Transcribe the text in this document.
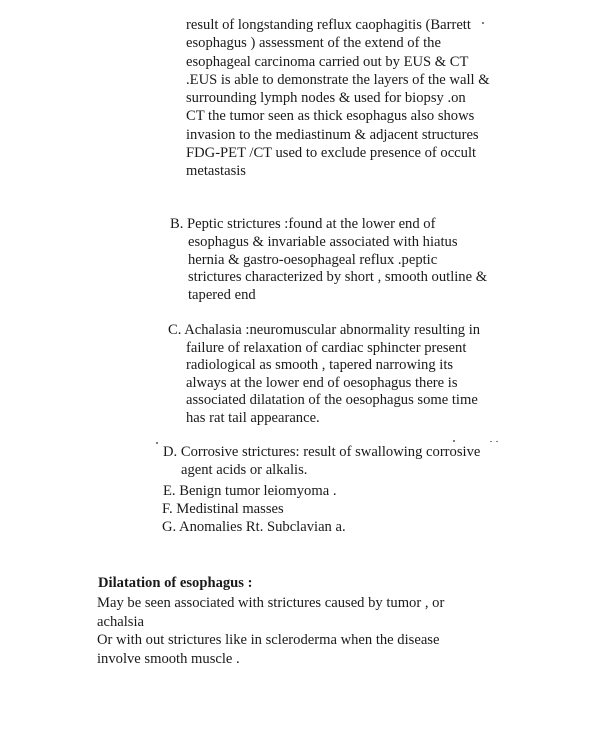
result of longstanding reflux caophagitis (Barrett
esophagus ) assessment of the extend of the
esophageal carcinoma carried out by EUS & CT
.EUS is able to demonstrate the layers of the wall &
surrounding lymph nodes & used for biopsy .on
CT the tumor seen as thick esophagus also shows
invasion to the mediastinum & adjacent structures
FDG-PET /CT used to exclude presence of occult
metastasis
B. Peptic strictures :found at the lower end of
esophagus & invariable associated with hiatus
hernia & gastro-oesophageal reflux .peptic
strictures characterized by short , smooth outline &
tapered end
C. Achalasia :neuromuscular abnormality resulting in
failure of relaxation of cardiac sphincter present
radiological as smooth , tapered narrowing its
always at the lower end of oesophagus there is
associated dilatation of the oesophagus some time
has rat tail appearance.
D. Corrosive strictures: result of swallowing corrosive
agent acids or alkalis.
E. Benign tumor leiomyoma .
F. Medistinal masses
G. Anomalies Rt. Subclavian a.
Dilatation of esophagus :
May be seen associated with strictures caused by tumor , or
achalsia
Or with out strictures like in scleroderma when the disease
involve smooth muscle .
